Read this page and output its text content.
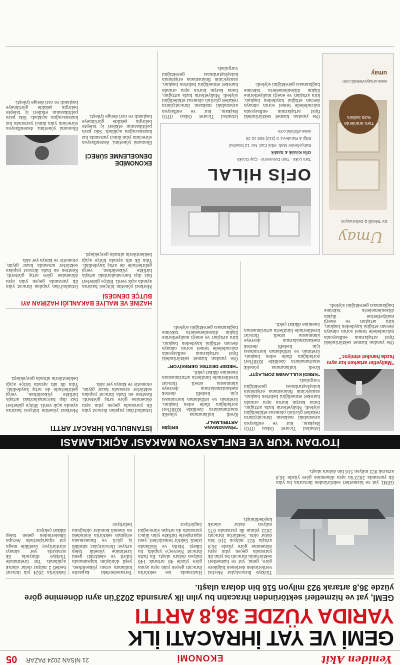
Yeniden Akit
EKONOMİ
21 NİSAN 2024 PAZAR
05
GEMİ VE YAT İHRACATI İLK
YARIDA YÜZDE 36,8 ARTTI
GEMİ, yat ve hizmetleri sektöründen ihracatın bu yılın ilk yarısında 2023'ün aynı dönemine göre yüzde 36,8 artarak 923 milyon 516 bin dolara ulaştı.
Türkiye İhracatçılar Meclisi verilerinden derlenen bilgilere göre, gemi, yat ve hizmetleri sektörünün ihracatı bu yılın ilk yarısında geçen yılın aynı dönemine göre yüzde 36,8 artışla 923 milyon 516 bin dolar oldu. Sektörün ihracatı 2023 yılının ilk yarısında 675 milyon dolar olarak kaydedilmişti.
Haziranda ise sektörün ihracatı geçen yılın aynı ayına göre yüzde 48 artarak 146 milyon dolara ulaştı. En fazla ihracat Norveç'e yapıldı, bu ülkeyi Malta ve Hollanda izledi. Sektör temsilcileri, yeni siparişlerle birlikte yılın ikinci yarısında da artışın süreceğini öngörüyor.
Tersanelerdeki kapasite kullanım oranı yükselirken, yeşil dönüşüm kapsamında hibrit ve elektrikli gemi üretimine yönelik talep artıyor. İhracatçılar, nitelikli iş gücü ve finansmana erişimin sektörün önündeki en önemli konular olduğunu belirtiyor.
Sektörün 2024 yılı ihracat hedefi 2 milyar dolar olarak açıklandı. Yat üretiminde Türkiye dünyada ilk sıralarda yer almayı sürdürüyor; özellikle mega yat siparişlerinde Avrupa ülkelerinden gelen talep dikkat çekiyor.
GEMİ, yat ve hizmetleri sektöründen ihracatın bu yılın ilk yarısında 2023'ün aynı dönemine göre yüzde 36,8 artarak 923 milyon 516 bin dolara ulaştı.
İTO'DAN 'KUR VE ENFLASYON MAKASI' AÇIKLAMASI
İstanbul Ticaret Odası (İTO) Başkanı, kur ve enflasyon arasındaki makasın ihracatçıların rekabet gücünü olumsuz etkilediğini söyledi. Maliyetlerin hızla arttığını, buna karşın kurun aynı oranda hareket etmediğini belirten başkan, sanayicinin finansmana erişiminin kolaylaştırılması gerektiğini vurguladı.
"KREDİ KULLANIMI ZORLAŞTI"
Kredi kullanımına yönelik sınırlamaların özellikle KOBİ'leri zorladığını ifade eden başkan, üretimin ve istihdamın korunması için hedefli destek mekanizmalarının devreye alınmasını istedi. İhracat kredilerinde limitlerin artırılmasının önemine dikkat çekti.
"FİNANSMANA ERİŞİM ARTIRILMALI"
Kredi kullanımına yönelik sınırlamaların özellikle KOBİ'leri zorladığını ifade eden başkan, üretimin ve istihdamın korunması için hedefli destek mekanizmalarının devreye alınmasını istedi. İhracat kredilerinde limitlerin artırılmasının önemine dikkat çekti.
"HEDEF DESTEK GEREKİYOR"
Öte yandan hizmet sektöründeki fiyat artışlarının enflasyonla mücadelede temel sorun olmaya devam ettiğini kaydeden başkan, kira artışları ve enerji maliyetlerine ilişkin düzenlemelerin takvime bağlanması gerektiğini söyledi.
"Maliyetler artarken kur aynı hızda hareket etmiyor."
Öte yandan hizmet sektöründeki fiyat artışlarının enflasyonla mücadelede temel sorun olmaya devam ettiğini kaydeden başkan, kira artışları ve enerji maliyetlerine ilişkin düzenlemelerin takvime bağlanması gerektiğini söyledi.
İSTANBUL'DA İHRACAT ARTTI
İstanbul'dan yapılan ihracat yılın ilk yarısında geçen yılın aynı dönemine göre artış gösterdi. Kentten en fazla ihracat yapılan sektörler arasında hazır giyim, otomotiv ve kimya yer aldı.
Merkezi yönetim bütçesi haziran ayında açık verdi. Bütçe giderleri faiz dışı harcamalardaki artışla birlikte yükselirken, vergi gelirlerinde de artış kaydedildi. Yılın ilk altı ayında bütçe açığı beklentilerin altında gerçekleşti.
HAZİNE VE MALİYE BAKANLIĞI HAZİRAN AYI BÜTÇE DENGESİ
Merkezi yönetim bütçesi haziran ayında açık verdi. Bütçe giderleri faiz dışı harcamalardaki artışla birlikte yükselirken, vergi gelirlerinde de artış kaydedildi. Yılın ilk altı ayında bütçe açığı beklentilerin altında gerçekleşti.
İstanbul'dan yapılan ihracat yılın ilk yarısında geçen yılın aynı dönemine göre artış gösterdi. Kentten en fazla ihracat yapılan sektörler arasında hazır giyim, otomotiv ve kimya yer aldı.
EKONOMİDE DENGELENME SÜRECİ
Ekonomi yönetimi, dezenflasyon sürecinin yılın ikinci yarısında hız kazanacağını açıkladı. Sıkı para politikasının etkileri iç talepte belirgin şekilde görülmeye başlandı ve cari denge iyileşti.
Ekonomi yönetimi, dezenflasyon sürecinin yılın ikinci yarısında hız kazanacağını açıkladı. Sıkı para politikasının etkileri iç talepte belirgin şekilde görülmeye başlandı ve cari denge iyileşti.
OFİS HİLAL
Tam Lüks · Tam Donanımlı · Çay Ocaklı
Ofis Kiralık & Satılık
Bahçelievler Mah. Hilal Cad. No: 12 İstanbul
Bilgi & Randevu: 0 (212) 555 10 20
www.ofishilal.com
Umay
Ev Tekstili & Dekorasyon
Tüm ürünlerde %20 indirim
www.umayevtekstil.com
umay
Öte yandan hizmet sektöründeki fiyat artışlarının enflasyonla mücadelede temel sorun olmaya devam ettiğini kaydeden başkan, kira artışları ve enerji maliyetlerine ilişkin düzenlemelerin takvime bağlanması gerektiğini söyledi.
İstanbul Ticaret Odası (İTO) Başkanı, kur ve enflasyon arasındaki makasın ihracatçıların rekabet gücünü olumsuz etkilediğini söyledi. Maliyetlerin hızla arttığını, buna karşın kurun aynı oranda hareket etmediğini belirten başkan, sanayicinin finansmana erişiminin kolaylaştırılması gerektiğini vurguladı.
